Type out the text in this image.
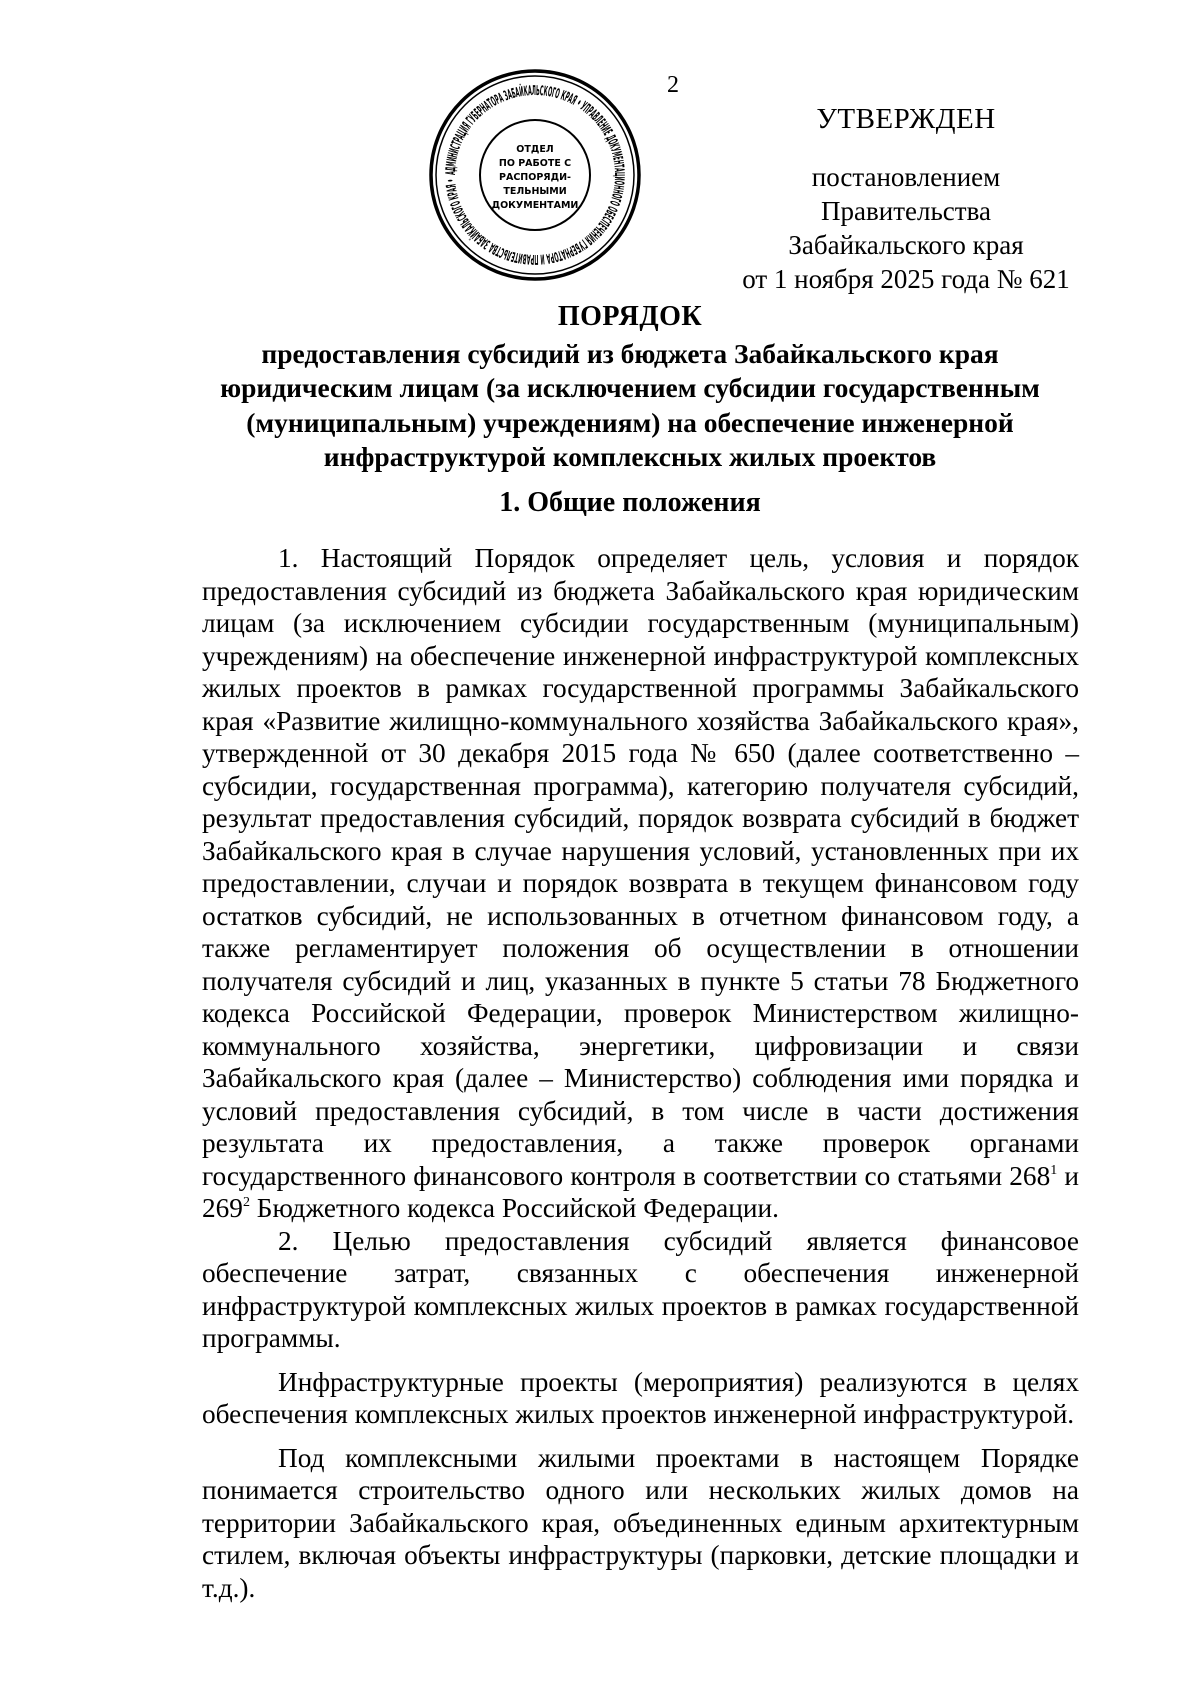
2
АДМИНИСТРАЦИЯ ГУБЕРНАТОРА ЗАБАЙКАЛЬСКОГО КРАЯ • УПРАВЛЕНИЕ ДОКУМЕНТАЦИОННОГО ОБЕСПЕЧЕНИЯ ГУБЕРНАТОРА И ПРАВИТЕЛЬСТВА ЗАБАЙКАЛЬСКОГО КРАЯ •
ОТДЕЛ
ПО РАБОТЕ С
РАСПОРЯДИ-
ТЕЛЬНЫМИ
ДОКУМЕНТАМИ
УТВЕРЖДЕН
постановлением Правительства
Забайкальского края
от 1 ноября 2025 года № 621
ПОРЯДОК
предоставления субсидий из бюджета Забайкальского края
юридическим лицам (за исключением субсидии государственным
(муниципальным) учреждениям) на обеспечение инженерной
инфраструктурой комплексных жилых проектов
1. Общие положения

1. Настоящий Порядок определяет цель, условия и порядок предоставления субсидий из бюджета Забайкальского края юридическим лицам (за исключением субсидии государственным (муниципальным) учреждениям) на обеспечение инженерной инфраструктурой комплексных жилых проектов в рамках государственной программы Забайкальского края «Развитие жилищно-коммунального хозяйства Забайкальского края», утвержденной от 30 декабря 2015 года № 650 (далее соответственно – субсидии, государственная программа), категорию получателя субсидий, результат предоставления субсидий, порядок возврата субсидий в бюджет Забайкальского края в случае нарушения условий, установленных при их предоставлении, случаи и порядок возврата в текущем финансовом году остатков субсидий, не использованных в отчетном финансовом году, а также регламентирует положения об осуществлении в отношении получателя субсидий и лиц, указанных в пункте 5 статьи 78 Бюджетного кодекса Российской Федерации, проверок Министерством жилищно-коммунального хозяйства, энергетики, цифровизации и связи Забайкальского края (далее – Министерство) соблюдения ими порядка и условий предоставления субсидий, в том числе в части достижения результата их предоставления, а также проверок органами государственного финансового контроля в соответствии со статьями $268^1$ и $269^2$ Бюджетного кодекса Российской Федерации.

2. Целью предоставления субсидий является финансовое обеспечение затрат, связанных с обеспечения инженерной инфраструктурой комплексных жилых проектов в рамках государственной программы.

Инфраструктурные проекты (мероприятия) реализуются в целях обеспечения комплексных жилых проектов инженерной инфраструктурой.

Под комплексными жилыми проектами в настоящем Порядке понимается строительство одного или нескольких жилых домов на территории Забайкальского края, объединенных единым архитектурным стилем, включая объекты инфраструктуры (парковки, детские площадки и т.д.).
